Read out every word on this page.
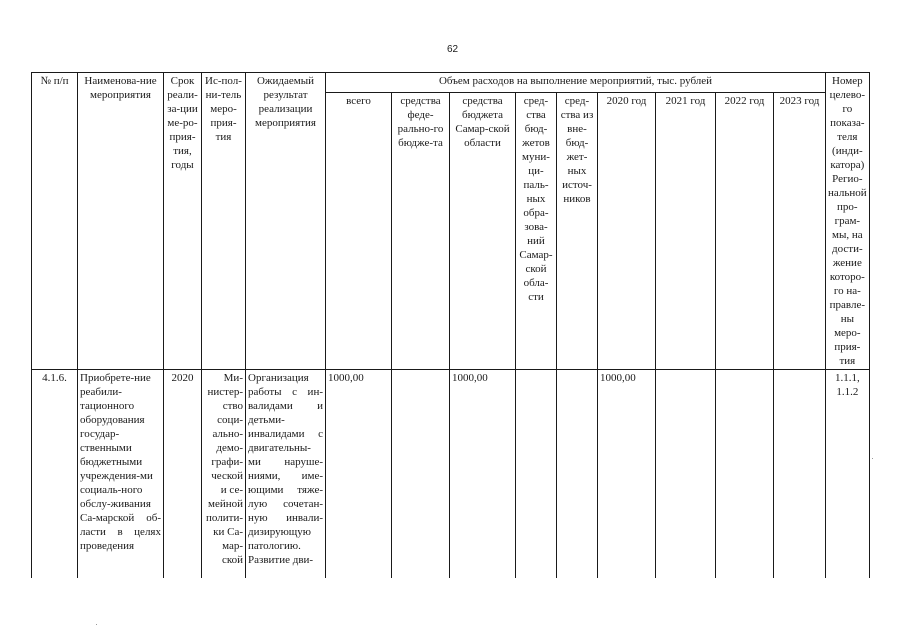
62
№ п/п	Наименова-ние мероприятия	Срок реали-за-ции ме-ро-прия-тия, годы	Ис-пол-ни-тель меро-прия-тия	Ожидаемый результат реализации мероприятия	Объем расходов на выполнение мероприятий, тыс. рублей									Номер целево-го показа-теля (инди-катора) Регио-нальной про-грам-мы, на дости-жение которо-го на-правле-ны меро-прия-тия
					всего	средства феде-рально-го бюдже-та	средства бюджета Самар-ской области	сред-ства бюд-жетов муни-ци-паль-ных обра-зова-ний Самар-ской обла-сти	сред-ства из вне-бюд-жет-ных источ-ников	2020 год	2021 год	2022 год	2023 год	
4.1.6.	Приобрете-ние реабили-тационного оборудования государ-ственными бюджетными учреждения-ми социаль-ного обслу-живания Са-марской об-ласти в целях проведения	2020	Ми-нистер-ство соци-ально-демо-графи-ческой и се-мейной полити-ки Са-мар-ской	Организация работы с ин-валидами и детьми-инвалидами с двигательны-ми наруше-ниями, име-ющими тяже-лую сочетан-ную инвали-дизирующую патологию. Развитие дви-	1000,00		1000,00			1000,00				1.1.1, 1.1.2
